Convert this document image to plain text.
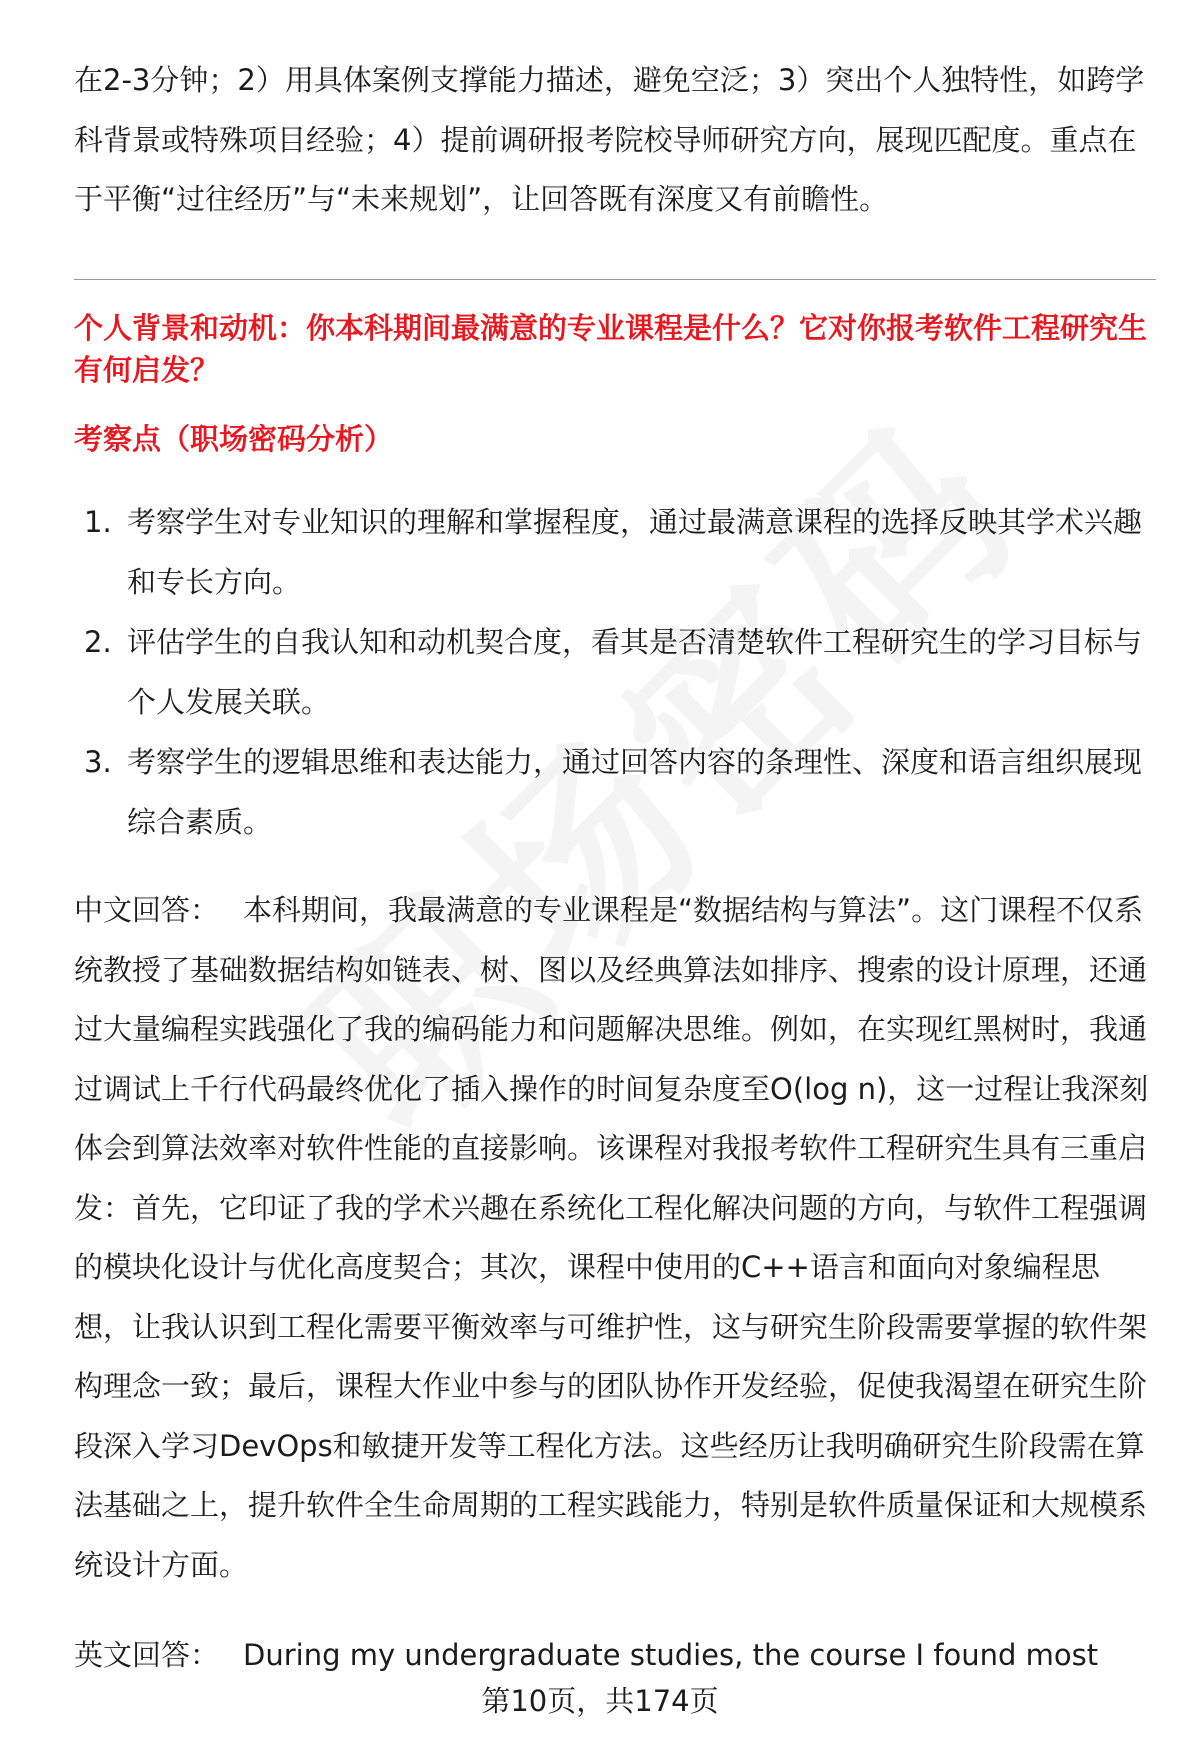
在2-3分钟；2）用具体案例支撑能力描述，避免空泛；3）突出个人独特性，如跨学科背景或特殊项目经验；4）提前调研报考院校导师研究方向，展现匹配度。重点在于平衡“过往经历”与“未来规划”，让回答既有深度又有前瞻性。

个人背景和动机：你本科期间最满意的专业课程是什么？它对你报考软件工程研究生有何启发？
考察点（职场密码分析）
1. 考察学生对专业知识的理解和掌握程度，通过最满意课程的选择反映其学术兴趣和专长方向。
2. 评估学生的自我认知和动机契合度，看其是否清楚软件工程研究生的学习目标与个人发展关联。
3. 考察学生的逻辑思维和表达能力，通过回答内容的条理性、深度和语言组织展现综合素质。

中文回答： 本科期间，我最满意的专业课程是“数据结构与算法”。这门课程不仅系统教授了基础数据结构如链表、树、图以及经典算法如排序、搜索的设计原理，还通过大量编程实践强化了我的编码能力和问题解决思维。例如，在实现红黑树时，我通过调试上千行代码最终优化了插入操作的时间复杂度至O(log n)，这一过程让我深刻体会到算法效率对软件性能的直接影响。该课程对我报考软件工程研究生具有三重启发：首先，它印证了我的学术兴趣在系统化工程化解决问题的方向，与软件工程强调的模块化设计与优化高度契合；其次，课程中使用的C++语言和面向对象编程思想，让我认识到工程化需要平衡效率与可维护性，这与研究生阶段需要掌握的软件架构理念一致；最后，课程大作业中参与的团队协作开发经验，促使我渴望在研究生阶段深入学习DevOps和敏捷开发等工程化方法。这些经历让我明确研究生阶段需在算法基础之上，提升软件全生命周期的工程实践能力，特别是软件质量保证和大规模系统设计方面。

英文回答： During my undergraduate studies, the course I found most

第10页，共174页
